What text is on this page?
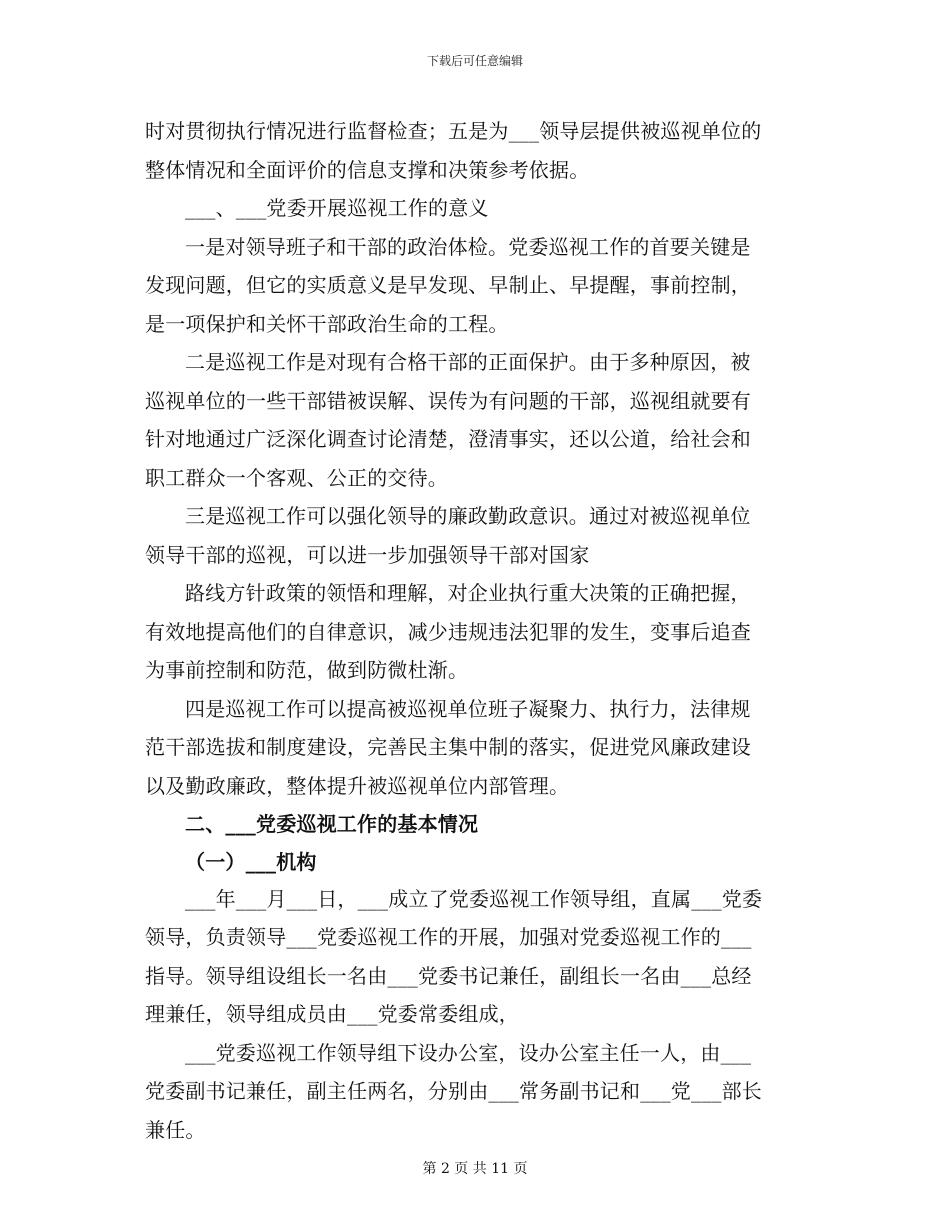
下载后可任意编辑
时对贯彻执行情况进行监督检查；五是为___领导层提供被巡视单位的
整体情况和全面评价的信息支撑和决策参考依据。
___、___党委开展巡视工作的意义
一是对领导班子和干部的政治体检。党委巡视工作的首要关键是
发现问题，但它的实质意义是早发现、早制止、早提醒，事前控制，
是一项保护和关怀干部政治生命的工程。
二是巡视工作是对现有合格干部的正面保护。由于多种原因，被
巡视单位的一些干部错被误解、误传为有问题的干部，巡视组就要有
针对地通过广泛深化调查讨论清楚，澄清事实，还以公道，给社会和
职工群众一个客观、公正的交待。
三是巡视工作可以强化领导的廉政勤政意识。通过对被巡视单位
领导干部的巡视，可以进一步加强领导干部对国家
路线方针政策的领悟和理解，对企业执行重大决策的正确把握，
有效地提高他们的自律意识，减少违规违法犯罪的发生，变事后追查
为事前控制和防范，做到防微杜渐。
四是巡视工作可以提高被巡视单位班子凝聚力、执行力，法律规
范干部选拔和制度建设，完善民主集中制的落实，促进党风廉政建设
以及勤政廉政，整体提升被巡视单位内部管理。
二、___党委巡视工作的基本情况
（一）___机构
___年___月___日，___成立了党委巡视工作领导组，直属___党委
领导，负责领导___党委巡视工作的开展，加强对党委巡视工作的___
指导。领导组设组长一名由___党委书记兼任，副组长一名由___总经
理兼任，领导组成员由___党委常委组成，
___党委巡视工作领导组下设办公室，设办公室主任一人，由___
党委副书记兼任，副主任两名，分别由___常务副书记和___党___部长
兼任。
第 2 页 共 11 页
